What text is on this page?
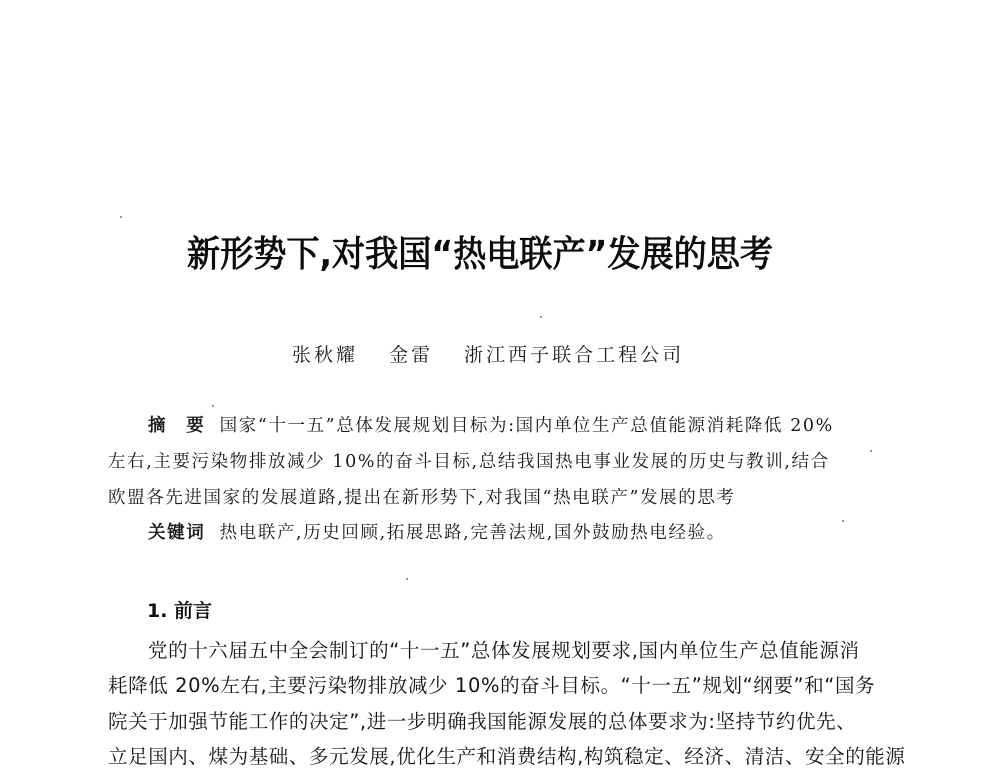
新形势下,对我国“热电联产”发展的思考
张秋耀 金雷 浙江西子联合工程公司
摘　要 国家“十一五”总体发展规划目标为:国内单位生产总值能源消耗降低 20%
左右,主要污染物排放减少 10%的奋斗目标,总结我国热电事业发展的历史与教训,结合
欧盟各先进国家的发展道路,提出在新形势下,对我国“热电联产”发展的思考
关键词 热电联产,历史回顾,拓展思路,完善法规,国外鼓励热电经验。
1. 前言
党的十六届五中全会制订的“十一五”总体发展规划要求,国内单位生产总值能源消
耗降低 20%左右,主要污染物排放减少 10%的奋斗目标。“十一五”规划“纲要”和“国务
院关于加强节能工作的决定”,进一步明确我国能源发展的总体要求为:坚持节约优先、
立足国内、煤为基础、多元发展,优化生产和消费结构,构筑稳定、经济、清洁、安全的能源
